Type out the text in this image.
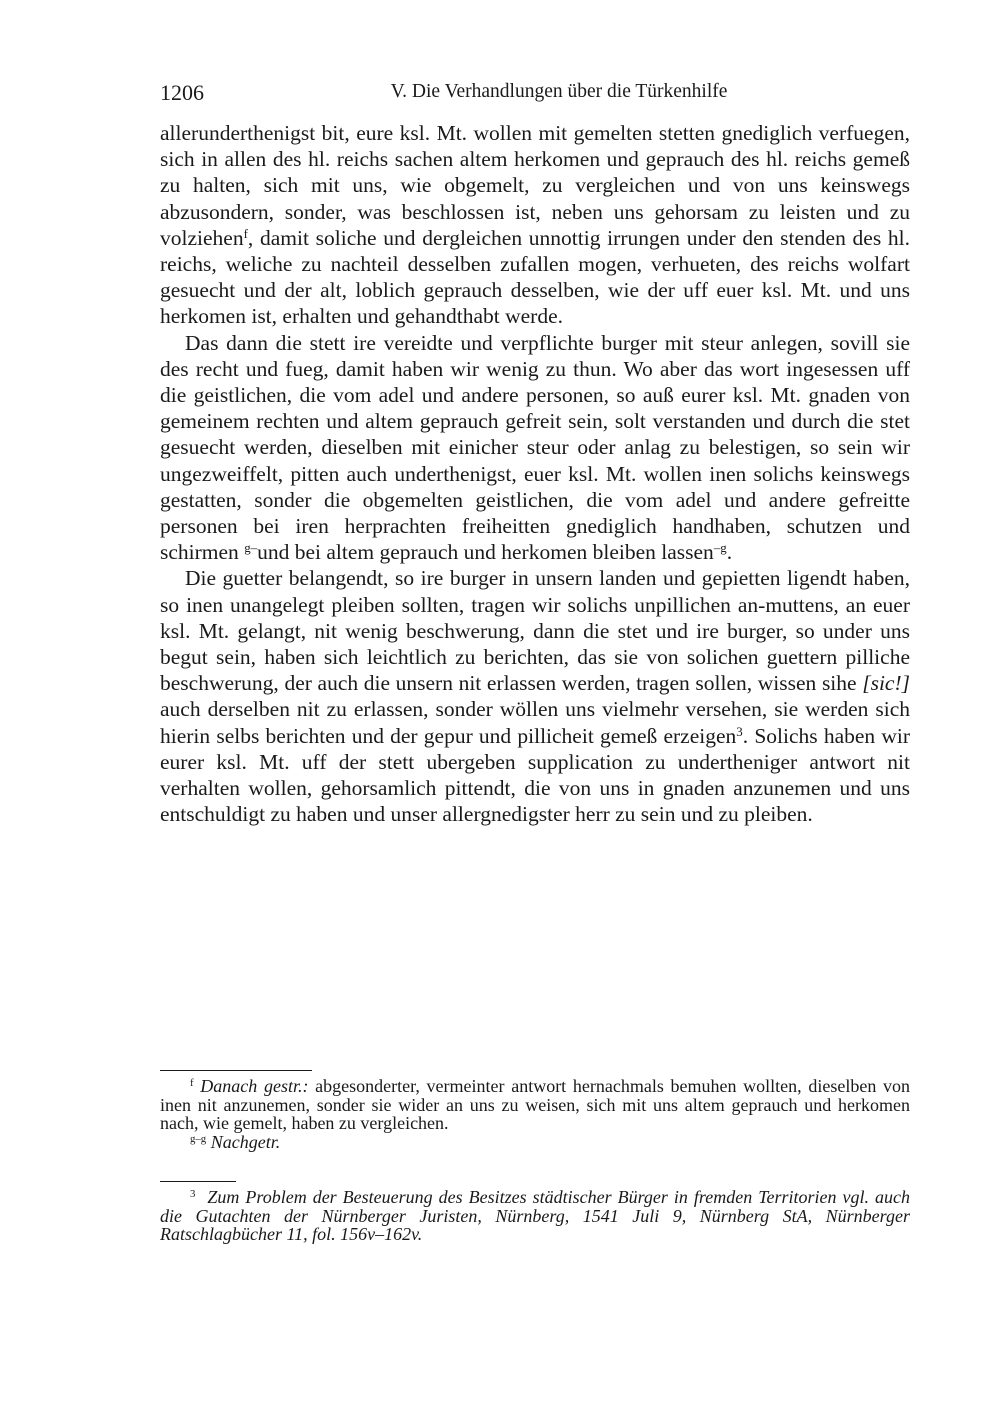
1206	V. Die Verhandlungen über die Türkenhilfe

allerunderthenigst bit, eure ksl. Mt. wollen mit gemelten stetten gnediglich verfuegen, sich in allen des hl. reichs sachen altem herkomen und geprauch des hl. reichs gemeß zu halten, sich mit uns, wie obgemelt, zu vergleichen und von uns keinswegs abzusondern, sonder, was beschlossen ist, neben uns gehorsam zu leisten und zu volziehen$^f$, damit soliche und dergleichen unnottig irrungen under den stenden des hl. reichs, weliche zu nachteil desselben zufallen mogen, verhueten, des reichs wolfart gesuecht und der alt, loblich geprauch desselben, wie der uff euer ksl. Mt. und uns herkomen ist, erhalten und gehandthabt werde.

Das dann die stett ire vereidte und verpflichte burger mit steur anlegen, sovill sie des recht und fueg, damit haben wir wenig zu thun. Wo aber das wort ingesessen uff die geistlichen, die vom adel und andere personen, so auß eurer ksl. Mt. gnaden von gemeinem rechten und altem geprauch gefreit sein, solt verstanden und durch die stet gesuecht werden, dieselben mit einicher steur oder anlag zu belestigen, so sein wir ungezweiffelt, pitten auch underthenigst, euer ksl. Mt. wollen inen solichs keinswegs gestatten, sonder die obgemelten geistlichen, die vom adel und andere gefreitte personen bei iren herprachten freiheitten gnediglich handhaben, schutzen und schirmen $^{g-}$und bei altem geprauch und herkomen bleiben lassen$^{-g}$.

Die guetter belangendt, so ire burger in unsern landen und gepietten ligendt haben, so inen unangelegt pleiben sollten, tragen wir solichs unpillichen an-muttens, an euer ksl. Mt. gelangt, nit wenig beschwerung, dann die stet und ire burger, so under uns begut sein, haben sich leichtlich zu berichten, das sie von solichen guettern pilliche beschwerung, der auch die unsern nit erlassen werden, tragen sollen, wissen sihe [sic!] auch derselben nit zu erlassen, sonder wöllen uns vielmehr versehen, sie werden sich hierin selbs berichten und der gepur und pillicheit gemeß erzeigen$^3$. Solichs haben wir eurer ksl. Mt. uff der stett ubergeben supplication zu undertheniger antwort nit verhalten wollen, gehorsamlich pittendt, die von uns in gnaden anzunemen und uns entschuldigt zu haben und unser allergnedigster herr zu sein und zu pleiben.

$^f$ Danach gestr.: abgesonderter, vermeinter antwort hernachmals bemuhen wollten, dieselben von inen nit anzunemen, sonder sie wider an uns zu weisen, sich mit uns altem geprauch und herkomen nach, wie gemelt, haben zu vergleichen.

$^{g-g}$ Nachgetr.

$^3$ Zum Problem der Besteuerung des Besitzes städtischer Bürger in fremden Territorien vgl. auch die Gutachten der Nürnberger Juristen, Nürnberg, 1541 Juli 9, Nürnberg StA, Nürnberger Ratschlagbücher 11, fol. 156v–162v.
